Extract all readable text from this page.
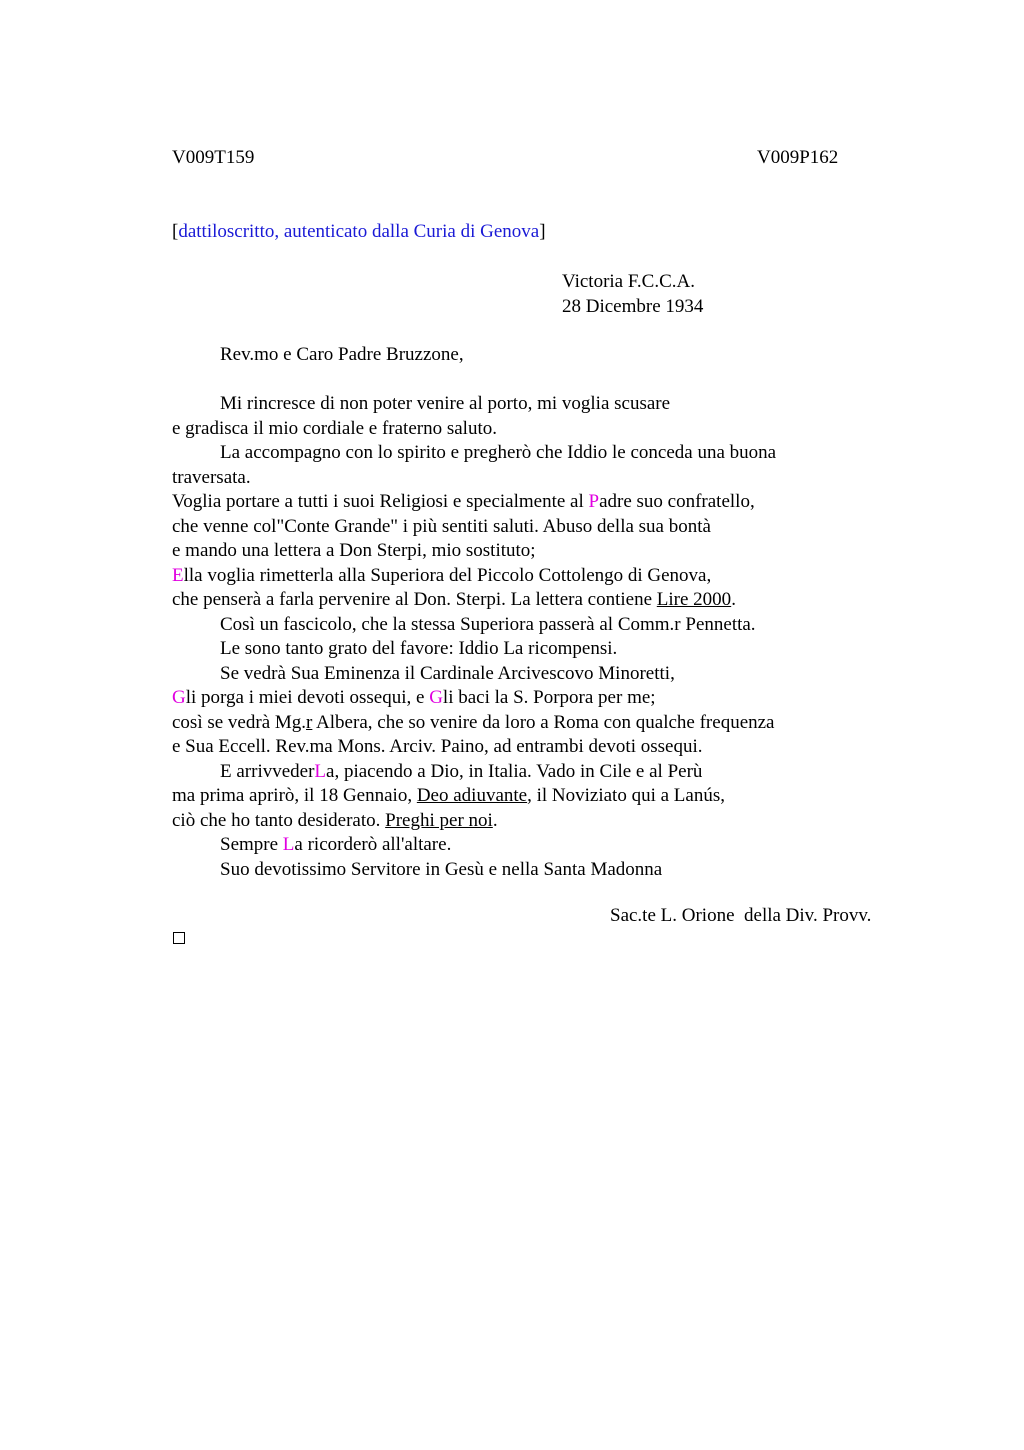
V009T159	V009P162
[dattiloscritto, autenticato dalla Curia di Genova]
Victoria F.C.C.A.
28 Dicembre 1934
Rev.mo e Caro Padre Bruzzone,
Mi rincresce di non poter venire al porto, mi voglia scusare
e gradisca il mio cordiale e fraterno saluto.
La accompagno con lo spirito e pregherò che Iddio le conceda una buona
traversata.
Voglia portare a tutti i suoi Religiosi e specialmente al Padre suo confratello,
che venne col"Conte Grande" i più sentiti saluti. Abuso della sua bontà
e mando una lettera a Don Sterpi, mio sostituto;
Ella voglia rimetterla alla Superiora del Piccolo Cottolengo di Genova,
che penserà a farla pervenire al Don. Sterpi. La lettera contiene Lire 2000.
Così un fascicolo, che la stessa Superiora passerà al Comm.r Pennetta.
Le sono tanto grato del favore: Iddio La ricompensi.
Se vedrà Sua Eminenza il Cardinale Arcivescovo Minoretti,
Gli porga i miei devoti ossequi, e Gli baci la S. Porpora per me;
così se vedrà Mg.r Albera, che so venire da loro a Roma con qualche frequenza
e Sua Eccell. Rev.ma Mons. Arciv. Paino, ad entrambi devoti ossequi.
E arrivvederLa, piacendo a Dio, in Italia. Vado in Cile e al Perù
ma prima aprirò, il 18 Gennaio, Deo adiuvante, il Noviziato qui a Lanús,
ciò che ho tanto desiderato. Preghi per noi.
Sempre La ricorderò all'altare.
Suo devotissimo Servitore in Gesù e nella Santa Madonna
Sac.te L. Orione  della Div. Provv.
